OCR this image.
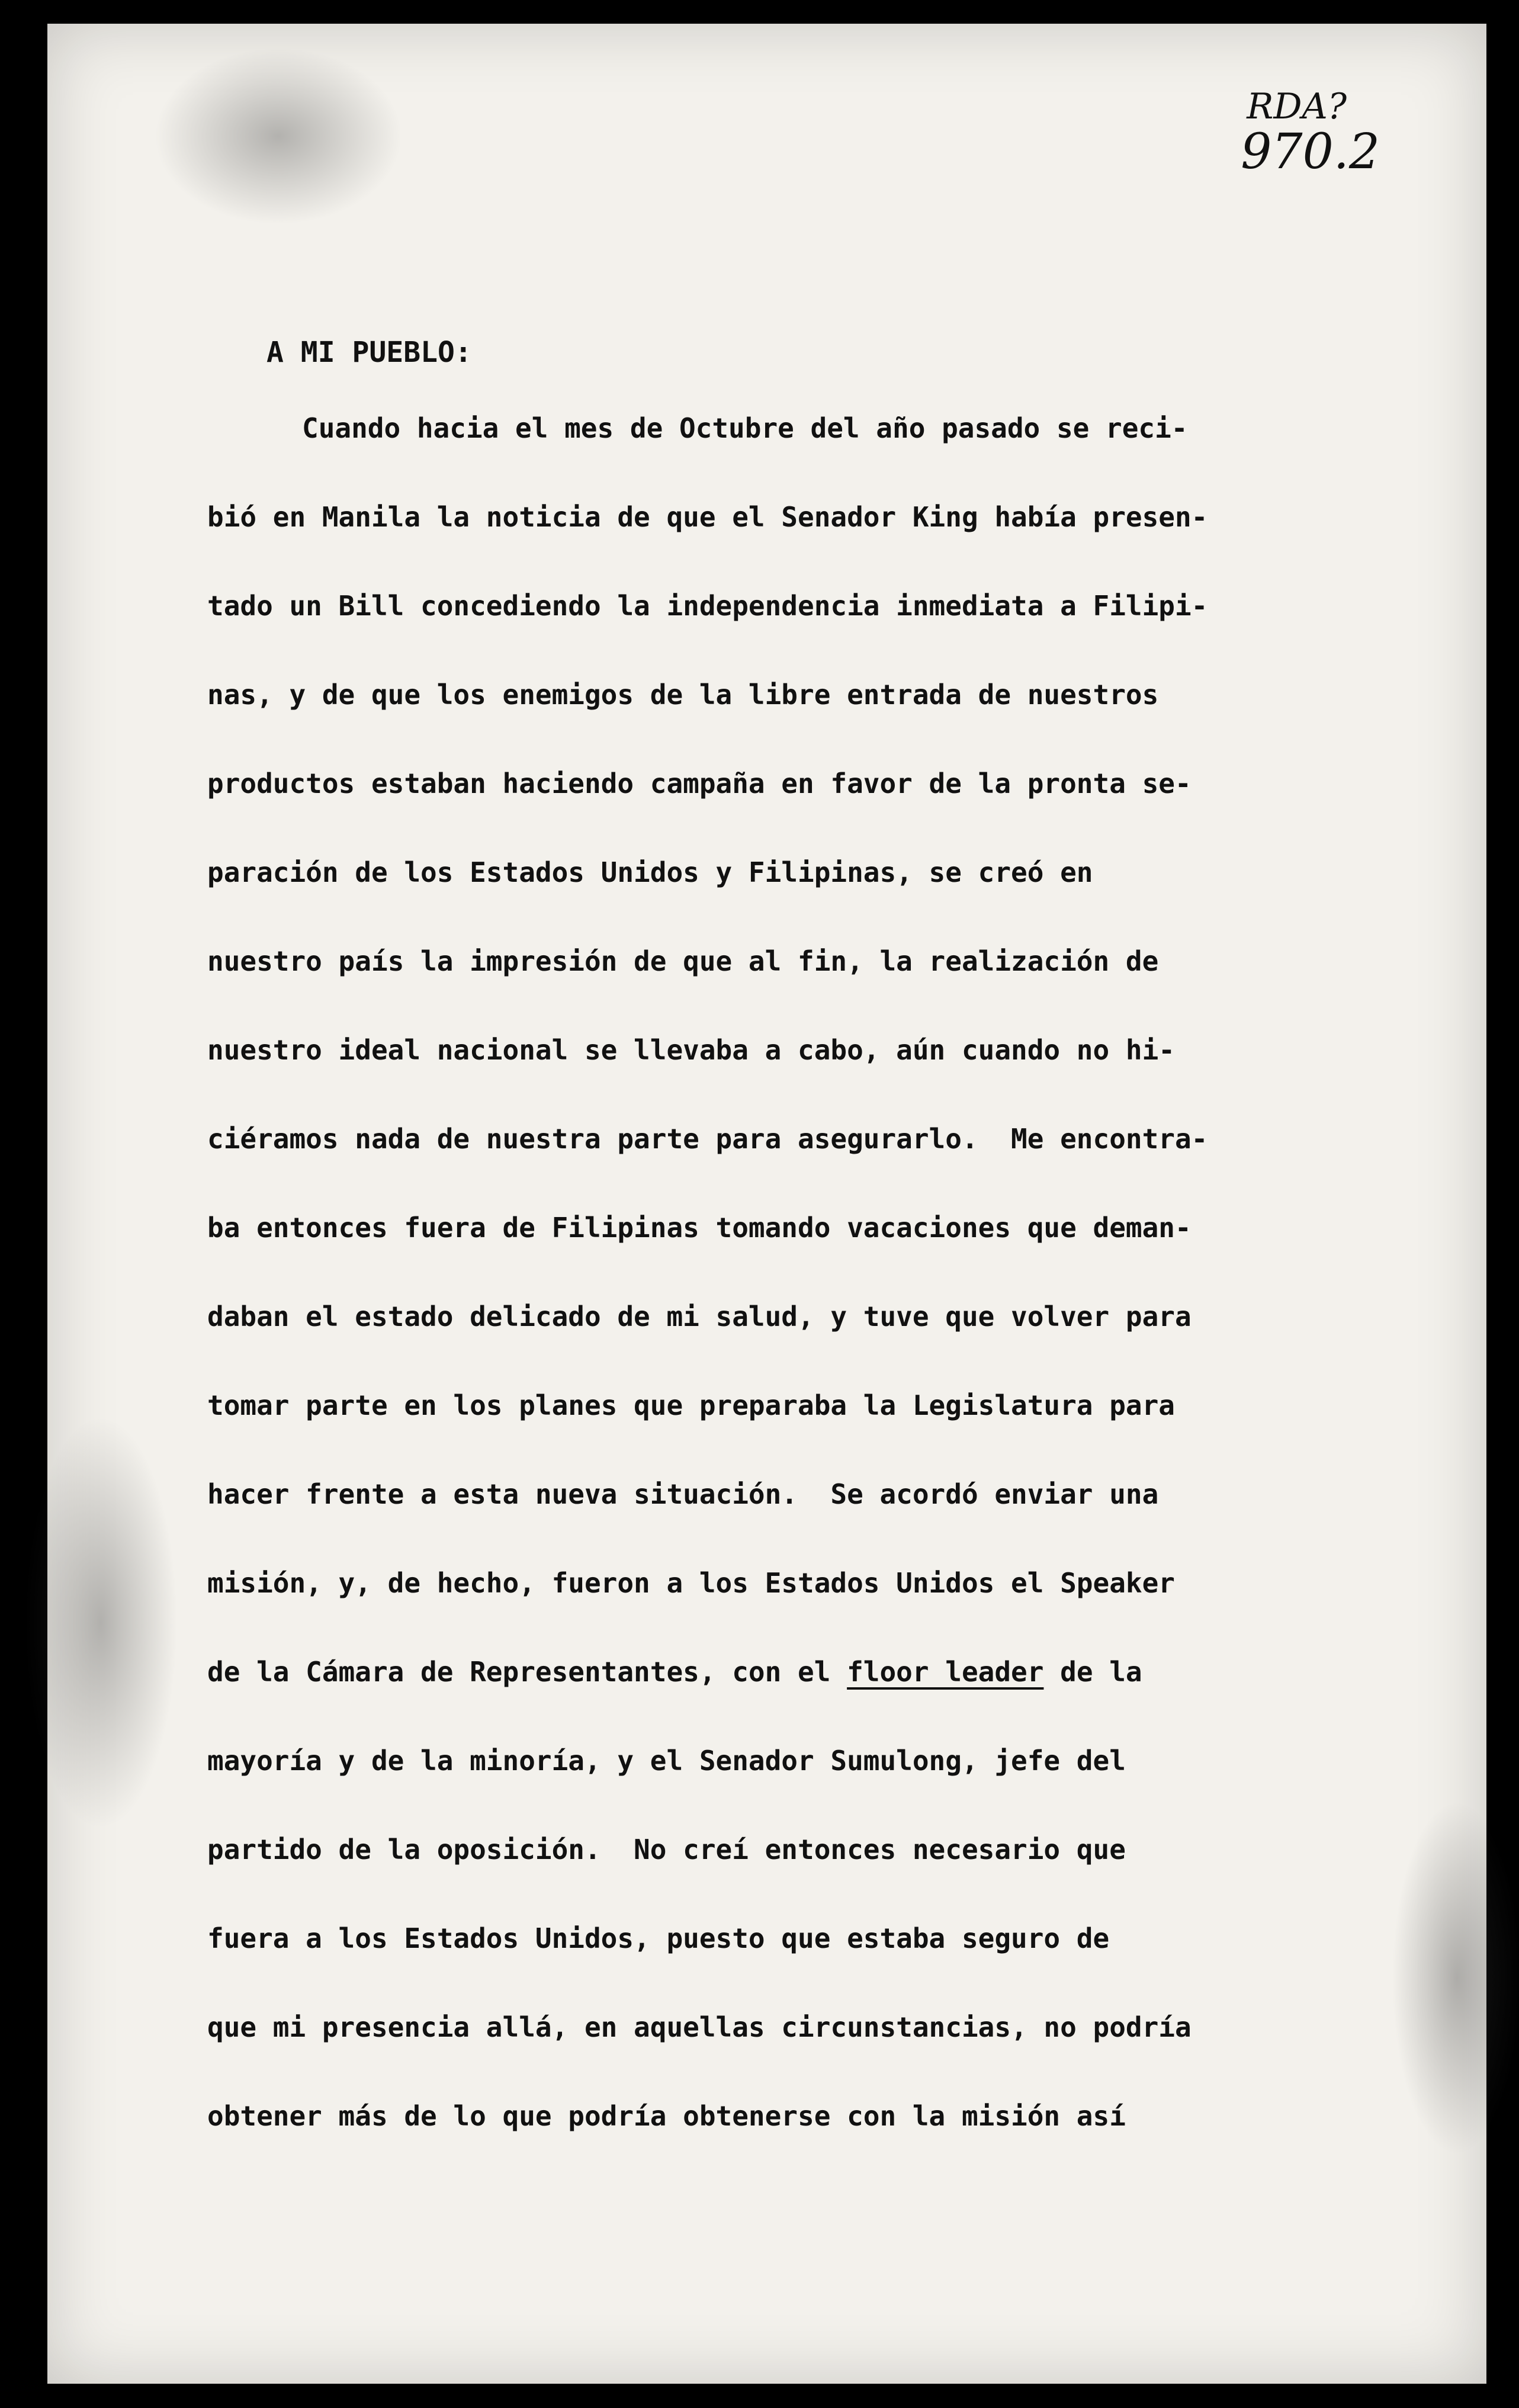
RDA?
970.2
A MI PUEBLO:
Cuando hacia el mes de Octubre del año pasado se reci-
bió en Manila la noticia de que el Senador King había presen-
tado un Bill concediendo la independencia inmediata a Filipi-
nas, y de que los enemigos de la libre entrada de nuestros
productos estaban haciendo campaña en favor de la pronta se-
paración de los Estados Unidos y Filipinas, se creó en
nuestro país la impresión de que al fin, la realización de
nuestro ideal nacional se llevaba a cabo, aún cuando no hi-
ciéramos nada de nuestra parte para asegurarlo.  Me encontra-
ba entonces fuera de Filipinas tomando vacaciones que deman-
daban el estado delicado de mi salud, y tuve que volver para
tomar parte en los planes que preparaba la Legislatura para
hacer frente a esta nueva situación.  Se acordó enviar una
misión, y, de hecho, fueron a los Estados Unidos el Speaker
de la Cámara de Representantes, con el floor leader de la
mayoría y de la minoría, y el Senador Sumulong, jefe del
partido de la oposición.  No creí entonces necesario que
fuera a los Estados Unidos, puesto que estaba seguro de
que mi presencia allá, en aquellas circunstancias, no podría
obtener más de lo que podría obtenerse con la misión así
